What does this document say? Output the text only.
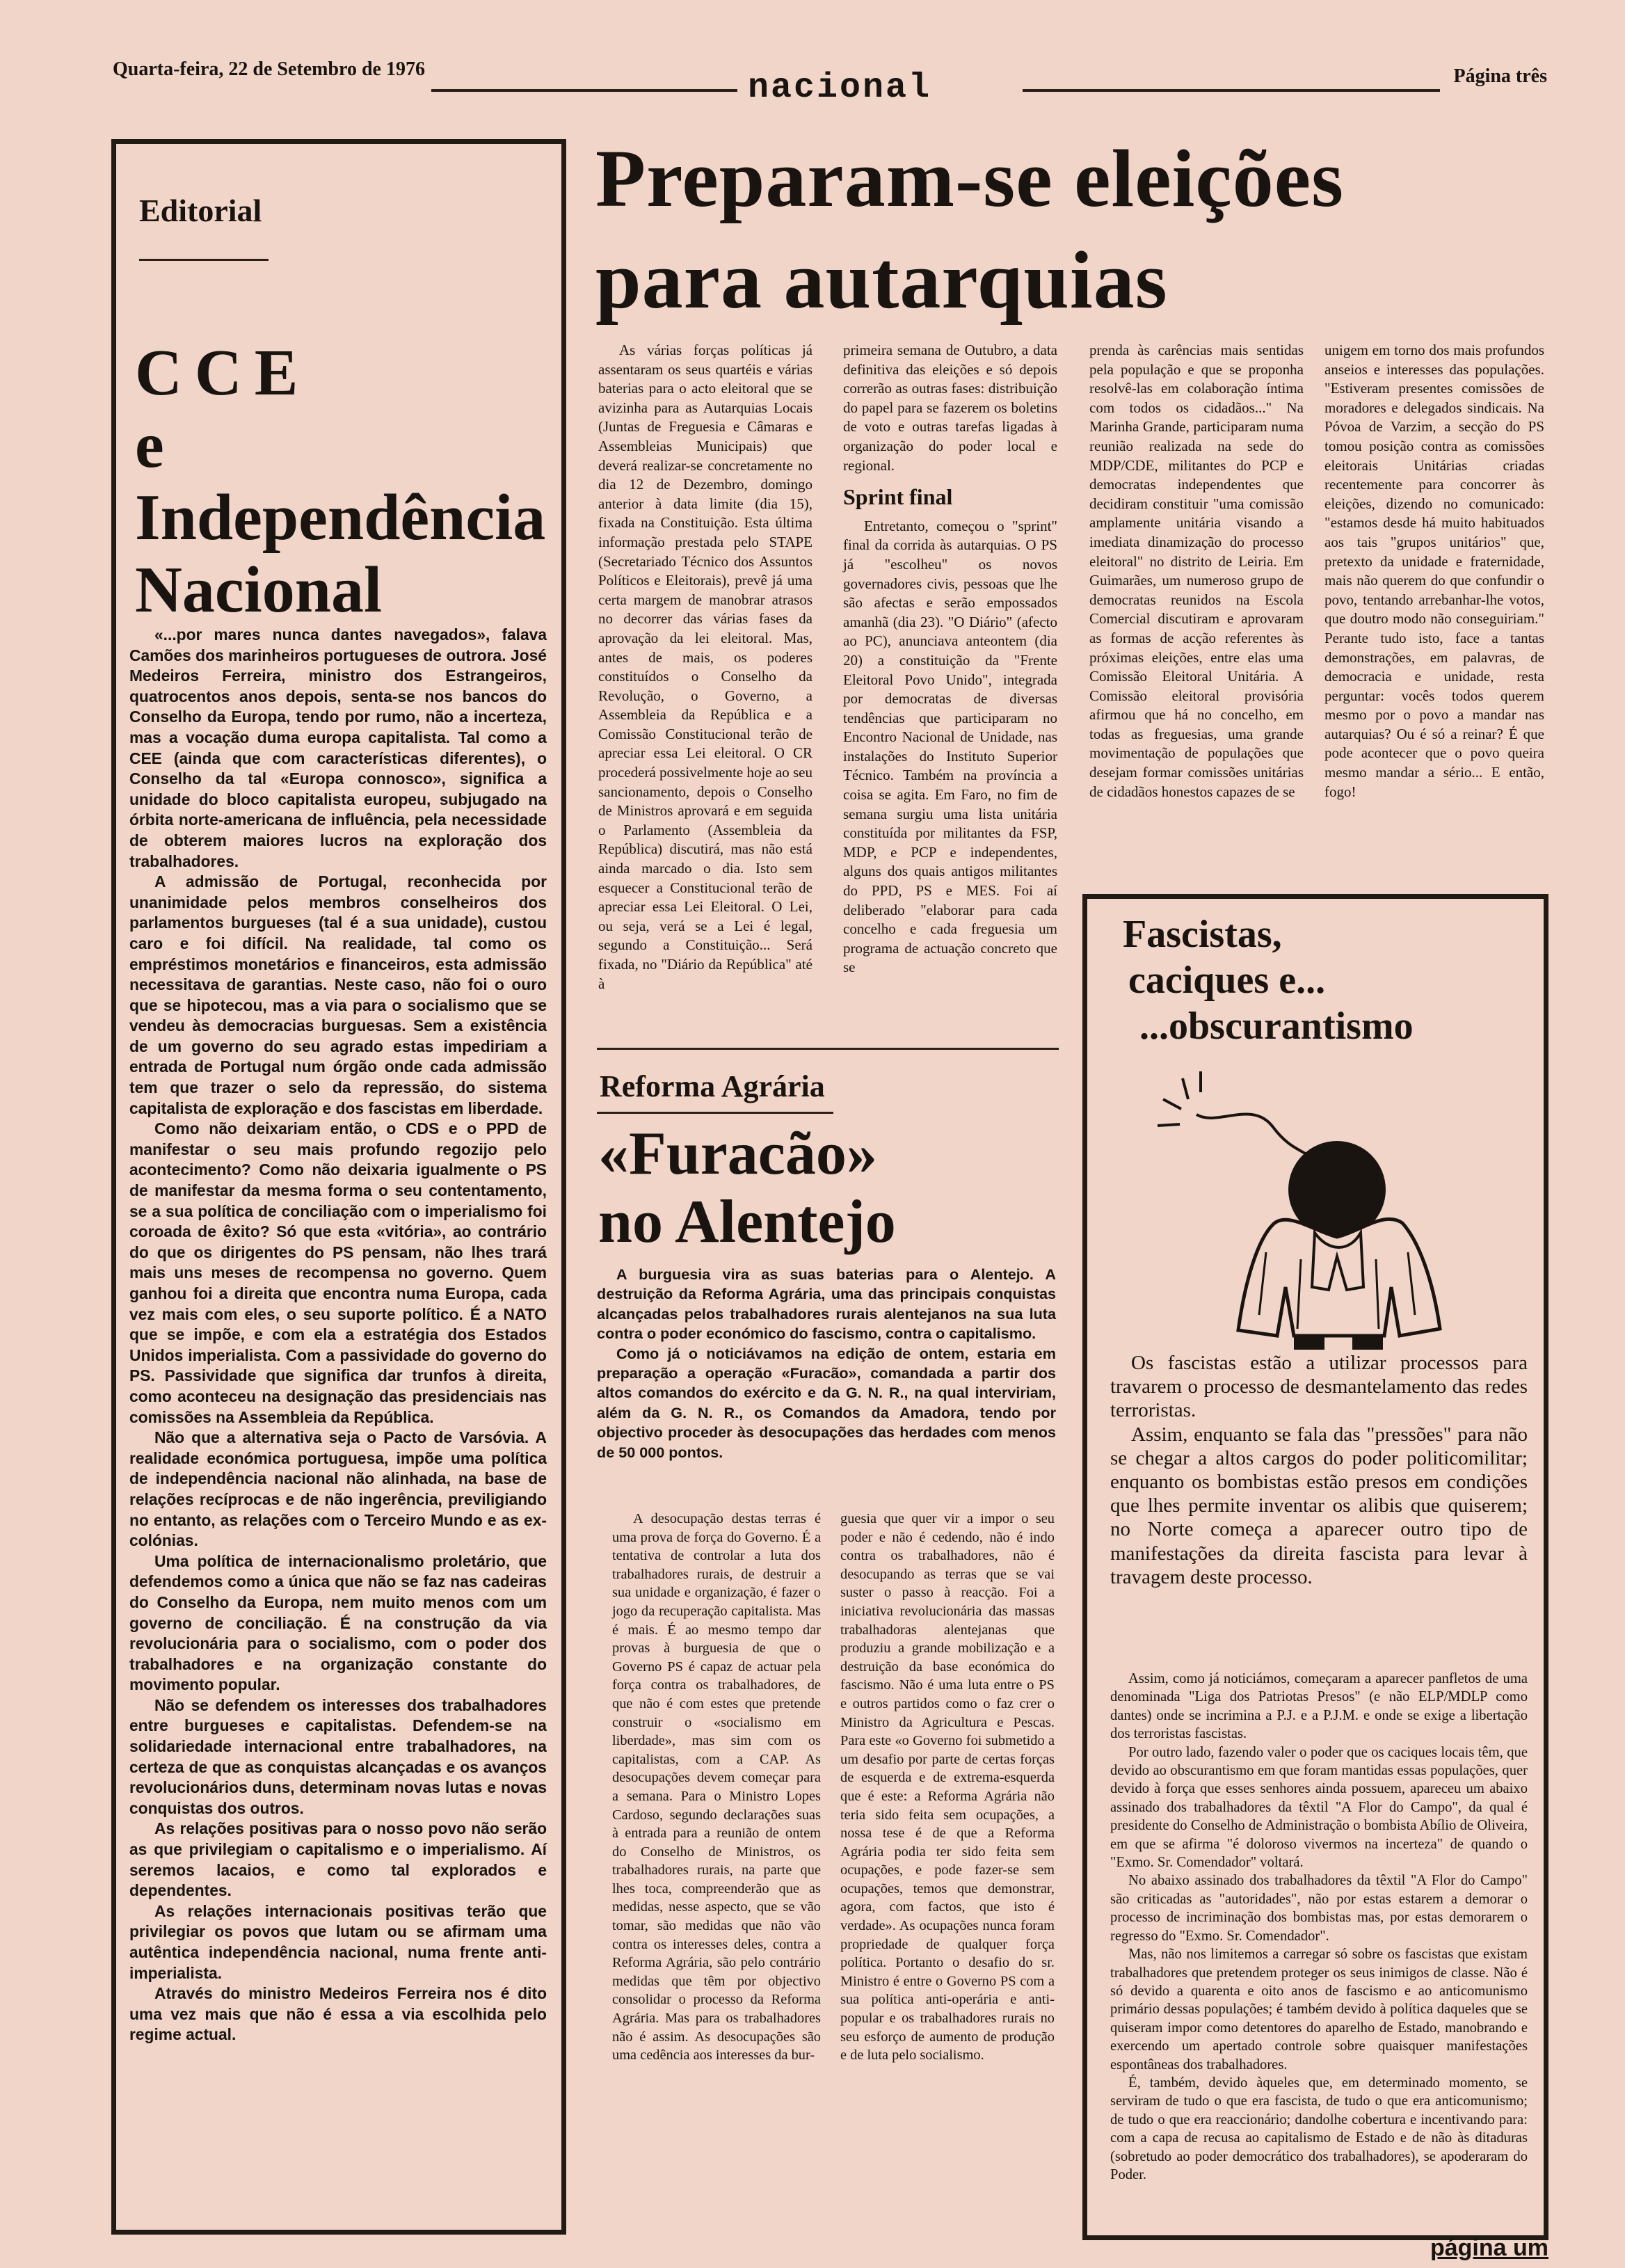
Quarta-feira, 22 de Setembro de 1976	nacional	Página três
Editorial
CCE
e Independência
Nacional

«...por mares nunca dantes navegados», falava Camões dos marinheiros portugueses de outrora. José Medeiros Ferreira, ministro dos Estrangeiros, quatrocentos anos depois, senta-se nos bancos do Conselho da Europa, tendo por rumo, não a incerteza, mas a vocação duma europa capitalista. Tal como a CEE (ainda que com características diferentes), o Conselho da tal «Europa connosco», significa a unidade do bloco capitalista europeu, subjugado na órbita norte-americana de influência, pela necessidade de obterem maiores lucros na exploração dos trabalhadores.

A admissão de Portugal, reconhecida por unanimidade pelos membros conselheiros dos parlamentos burgueses (tal é a sua unidade), custou caro e foi difícil. Na realidade, tal como os empréstimos monetários e financeiros, esta admissão necessitava de garantias. Neste caso, não foi o ouro que se hipotecou, mas a via para o socialismo que se vendeu às democracias burguesas. Sem a existência de um governo do seu agrado estas impediriam a entrada de Portugal num órgão onde cada admissão tem que trazer o selo da repressão, do sistema capitalista de exploração e dos fascistas em liberdade.

Como não deixariam então, o CDS e o PPD de manifestar o seu mais profundo regozijo pelo acontecimento? Como não deixaria igualmente o PS de manifestar da mesma forma o seu contentamento, se a sua política de conciliação com o imperialismo foi coroada de êxito? Só que esta «vitória», ao contrário do que os dirigentes do PS pensam, não lhes trará mais uns meses de recompensa no governo. Quem ganhou foi a direita que encontra numa Europa, cada vez mais com eles, o seu suporte político. É a NATO que se impõe, e com ela a estratégia dos Estados Unidos imperialista. Com a passividade do governo do PS. Passividade que significa dar trunfos à direita, como aconteceu na designação das presidenciais nas comissões na Assembleia da República.

Não que a alternativa seja o Pacto de Varsóvia. A realidade económica portuguesa, impõe uma política de independência nacional não alinhada, na base de relações recíprocas e de não ingerência, previligiando no entanto, as relações com o Terceiro Mundo e as ex-colónias.

Uma política de internacionalismo proletário, que defendemos como a única que não se faz nas cadeiras do Conselho da Europa, nem muito menos com um governo de conciliação. É na construção da via revolucionária para o socialismo, com o poder dos trabalhadores e na organização constante do movimento popular.

Não se defendem os interesses dos trabalhadores entre burgueses e capitalistas. Defendem-se na solidariedade internacional entre trabalhadores, na certeza de que as conquistas alcançadas e os avanços revolucionários duns, determinam novas lutas e novas conquistas dos outros.

As relações positivas para o nosso povo não serão as que privilegiam o capitalismo e o imperialismo. Aí seremos lacaios, e como tal explorados e dependentes.

As relações internacionais positivas terão que privilegiar os povos que lutam ou se afirmam uma autêntica independência nacional, numa frente anti-imperialista.

Através do ministro Medeiros Ferreira nos é dito uma vez mais que não é essa a via escolhida pelo regime actual.

Preparam-se eleições
para autarquias

As várias forças políticas já assentaram os seus quartéis e várias baterias para o acto eleitoral que se avizinha para as Autarquias Locais (Juntas de Freguesia e Câmaras e Assembleias Municipais) que deverá realizar-se concretamente no dia 12 de Dezembro, domingo anterior à data limite (dia 15), fixada na Constituição. Esta última informação prestada pelo STAPE (Secretariado Técnico dos Assuntos Políticos e Eleitorais), prevê já uma certa margem de manobrar atrasos no decorrer das várias fases da aprovação da lei eleitoral. Mas, antes de mais, os poderes constituídos o Conselho da Revolução, o Governo, a Assembleia da República e a Comissão Constitucional terão de apreciar essa Lei eleitoral. O CR procederá possivelmente hoje ao seu sancionamento, depois o Conselho de Ministros aprovará e em seguida o Parlamento (Assembleia da República) discutirá, mas não está ainda marcado o dia. Isto sem esquecer a Constitucional terão de apreciar essa Lei Eleitoral. O Lei, ou seja, verá se a Lei é legal, segundo a Constituição... Será fixada, no "Diário da República" até à

primeira semana de Outubro, a data definitiva das eleições e só depois correrão as outras fases: distribuição do papel para se fazerem os boletins de voto e outras tarefas ligadas à organização do poder local e regional.

Sprint final

Entretanto, começou o "sprint" final da corrida às autarquias. O PS já "escolheu" os novos governadores civis, pessoas que lhe são afectas e serão empossados amanhã (dia 23). "O Diário" (afecto ao PC), anunciava anteontem (dia 20) a constituição da "Frente Eleitoral Povo Unido", integrada por democratas de diversas tendências que participaram no Encontro Nacional de Unidade, nas instalações do Instituto Superior Técnico. Também na província a coisa se agita. Em Faro, no fim de semana surgiu uma lista unitária constituída por militantes da FSP, MDP, e PCP e independentes, alguns dos quais antigos militantes do PPD, PS e MES. Foi aí deliberado "elaborar para cada concelho e cada freguesia um programa de actuação concreto que se

prenda às carências mais sentidas pela população e que se proponha resolvê-las em colaboração íntima com todos os cidadãos..." Na Marinha Grande, participaram numa reunião realizada na sede do MDP/CDE, militantes do PCP e democratas independentes que decidiram constituir "uma comissão amplamente unitária visando a imediata dinamização do processo eleitoral" no distrito de Leiria. Em Guimarães, um numeroso grupo de democratas reunidos na Escola Comercial discutiram e aprovaram as formas de acção referentes às próximas eleições, entre elas uma Comissão Eleitoral Unitária. A Comissão eleitoral provisória afirmou que há no concelho, em todas as freguesias, uma grande movimentação de populações que desejam formar comissões unitárias de cidadãos honestos capazes de se

unigem em torno dos mais profundos anseios e interesses das populações. "Estiveram presentes comissões de moradores e delegados sindicais. Na Póvoa de Varzim, a secção do PS tomou posição contra as comissões eleitorais Unitárias criadas recentemente para concorrer às eleições, dizendo no comunicado: "estamos desde há muito habituados aos tais "grupos unitários" que, pretexto da unidade e fraternidade, mais não querem do que confundir o povo, tentando arrebanhar-lhe votos, que doutro modo não conseguiriam." Perante tudo isto, face a tantas demonstrações, em palavras, de democracia e unidade, resta perguntar: vocês todos querem mesmo por o povo a mandar nas autarquias? Ou é só a reinar? É que pode acontecer que o povo queira mesmo mandar a sério... E então, fogo!

Reforma Agrária
«Furacão»
no Alentejo

A burguesia vira as suas baterias para o Alentejo. A destruição da Reforma Agrária, uma das principais conquistas alcançadas pelos trabalhadores rurais alentejanos na sua luta contra o poder económico do fascismo, contra o capitalismo.

Como já o noticiávamos na edição de ontem, estaria em preparação a operação «Furacão», comandada a partir dos altos comandos do exército e da G. N. R., na qual interviriam, além da G. N. R., os Comandos da Amadora, tendo por objectivo proceder às desocupações das herdades com menos de 50 000 pontos.

A desocupação destas terras é uma prova de força do Governo. É a tentativa de controlar a luta dos trabalhadores rurais, de destruir a sua unidade e organização, é fazer o jogo da recuperação capitalista. Mas é mais. É ao mesmo tempo dar provas à burguesia de que o Governo PS é capaz de actuar pela força contra os trabalhadores, de que não é com estes que pretende construir o «socialismo em liberdade», mas sim com os capitalistas, com a CAP. As desocupações devem começar para a semana. Para o Ministro Lopes Cardoso, segundo declarações suas à entrada para a reunião de ontem do Conselho de Ministros, os trabalhadores rurais, na parte que lhes toca, compreenderão que as medidas, nesse aspecto, que se vão tomar, são medidas que não vão contra os interesses deles, contra a Reforma Agrária, são pelo contrário medidas que têm por objectivo consolidar o processo da Reforma Agrária. Mas para os trabalhadores não é assim. As desocupações são uma cedência aos interesses da bur-

guesia que quer vir a impor o seu poder e não é cedendo, não é indo contra os trabalhadores, não é desocupando as terras que se vai suster o passo à reacção. Foi a iniciativa revolucionária das massas trabalhadoras alentejanas que produziu a grande mobilização e a destruição da base económica do fascismo. Não é uma luta entre o PS e outros partidos como o faz crer o Ministro da Agricultura e Pescas. Para este «o Governo foi submetido a um desafio por parte de certas forças de esquerda e de extrema-esquerda que é este: a Reforma Agrária não teria sido feita sem ocupações, a nossa tese é de que a Reforma Agrária podia ter sido feita sem ocupações, e pode fazer-se sem ocupações, temos que demonstrar, agora, com factos, que isto é verdade». As ocupações nunca foram propriedade de qualquer força política. Portanto o desafio do sr. Ministro é entre o Governo PS com a sua política anti-operária e anti-popular e os trabalhadores rurais no seu esforço de aumento de produção e de luta pelo socialismo.

Fascistas,
caciques e...
...obscurantismo

Os fascistas estão a utilizar processos para travarem o processo de desmantelamento das redes terroristas.

Assim, enquanto se fala das "pressões" para não se chegar a altos cargos do poder politicomilitar; enquanto os bombistas estão presos em condições que lhes permite inventar os alibis que quiserem; no Norte começa a aparecer outro tipo de manifestações da direita fascista para levar à travagem deste processo.

Assim, como já noticiámos, começaram a aparecer panfletos de uma denominada "Liga dos Patriotas Presos" (e não ELP/MDLP como dantes) onde se incrimina a P.J. e a P.J.M. e onde se exige a libertação dos terroristas fascistas.

Por outro lado, fazendo valer o poder que os caciques locais têm, que devido ao obscurantismo em que foram mantidas essas populações, quer devido à força que esses senhores ainda possuem, apareceu um abaixo assinado dos trabalhadores da têxtil "A Flor do Campo", da qual é presidente do Conselho de Administração o bombista Abílio de Oliveira, em que se afirma "é doloroso vivermos na incerteza" de quando o "Exmo. Sr. Comendador" voltará.

No abaixo assinado dos trabalhadores da têxtil "A Flor do Campo" são criticadas as "autoridades", não por estas estarem a demorar o processo de incriminação dos bombistas mas, por estas demorarem o regresso do "Exmo. Sr. Comendador".

Mas, não nos limitemos a carregar só sobre os fascistas que existam trabalhadores que pretendem proteger os seus inimigos de classe. Não é só devido a quarenta e oito anos de fascismo e ao anticomunismo primário dessas populações; é também devido à política daqueles que se quiseram impor como detentores do aparelho de Estado, manobrando e exercendo um apertado controle sobre quaisquer manifestações espontâneas dos trabalhadores.

É, também, devido àqueles que, em determinado momento, se serviram de tudo o que era fascista, de tudo o que era anticomunismo; de tudo o que era reaccionário; dandolhe cobertura e incentivando para: com a capa de recusa ao capitalismo de Estado e de não às ditaduras (sobretudo ao poder democrático dos trabalhadores), se apoderaram do Poder.

página um
